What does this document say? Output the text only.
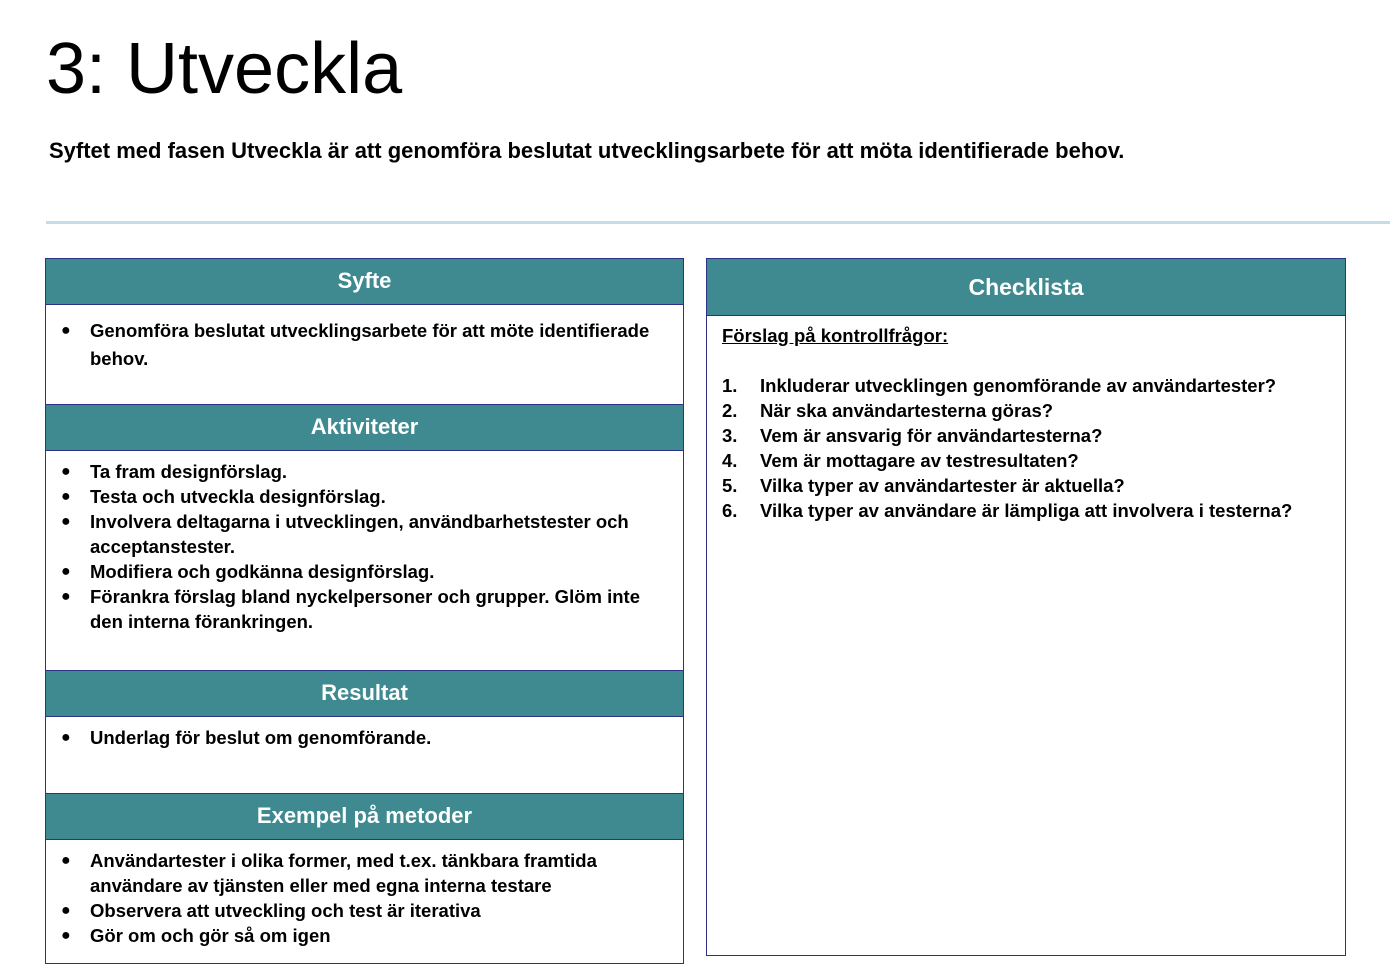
3: Utveckla
Syftet med fasen Utveckla är att genomföra beslutat utvecklingsarbete för att möta identifierade behov.
Syfte
● Genomföra beslutat utvecklingsarbete för att möte identifierade behov.
Aktiviteter
● Ta fram designförslag.
● Testa och utveckla designförslag.
● Involvera deltagarna i utvecklingen, användbarhetstester och acceptanstester.
● Modifiera och godkänna designförslag.
● Förankra förslag bland nyckelpersoner och grupper. Glöm inte den interna förankringen.
Resultat
● Underlag för beslut om genomförande.
Exempel på metoder
● Användartester i olika former, med t.ex. tänkbara framtida användare av tjänsten eller med egna interna testare
● Observera att utveckling och test är iterativa
● Gör om och gör så om igen
Checklista
Förslag på kontrollfrågor:
1. Inkluderar utvecklingen genomförande av användartester?
2. När ska användartesterna göras?
3. Vem är ansvarig för användartesterna?
4. Vem är mottagare av testresultaten?
5. Vilka typer av användartester är aktuella?
6. Vilka typer av användare är lämpliga att involvera i testerna?
